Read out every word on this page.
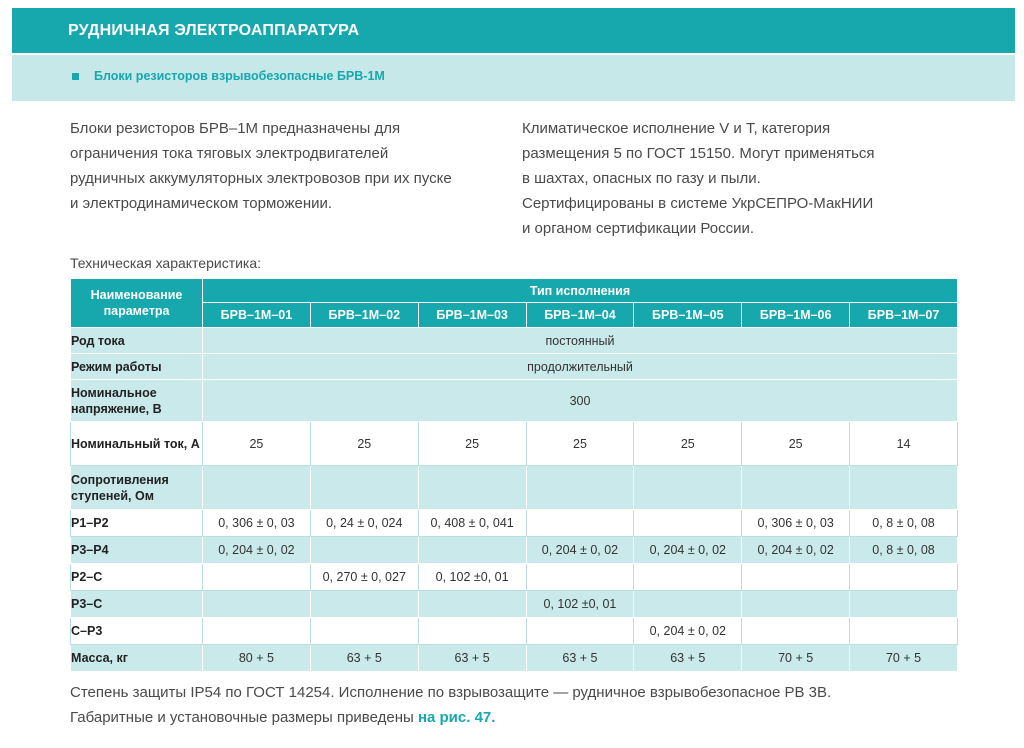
РУДНИЧНАЯ ЭЛЕКТРОАППАРАТУРА
Блоки резисторов взрывобезопасные БРВ-1М
Блоки резисторов БРВ–1М предназначены для
ограничения тока тяговых электродвигателей
рудничных аккумуляторных электровозов при их пуске
и электродинамическом торможении.
Климатическое исполнение V и Т, категория
размещения 5 по ГОСТ 15150. Могут применяться
в шахтах, опасных по газу и пыли.
Сертифицированы в системе УкрСЕПРО-МакНИИ
и органом сертификации России.
Техническая характеристика:
Наименование параметра	Тип исполнения						
	БРВ–1М–01	БРВ–1М–02	БРВ–1М–03	БРВ–1М–04	БРВ–1М–05	БРВ–1М–06	БРВ–1М–07
Род тока	постоянный						
Режим работы	продолжительный						
Номинальное напряжение, В	300						
Номинальный ток, А	25	25	25	25	25	25	14
Сопротивления ступеней, Ом							
Р1–Р2	0, 306 ± 0, 03	0, 24 ± 0, 024	0, 408 ± 0, 041			0, 306 ± 0, 03	0, 8 ± 0, 08
Р3–Р4	0, 204 ± 0, 02			0, 204 ± 0, 02	0, 204 ± 0, 02	0, 204 ± 0, 02	0, 8 ± 0, 08
Р2–С		0, 270 ± 0, 027	0, 102 ±0, 01				
Р3–С				0, 102 ±0, 01			
С–Р3					0, 204 ± 0, 02		
Масса, кг	80 + 5	63 + 5	63 + 5	63 + 5	63 + 5	70 + 5	70 + 5
Степень защиты IP54 по ГОСТ 14254. Исполнение по взрывозащите — рудничное взрывобезопасное РВ 3В.
Габаритные и установочные размеры приведены на рис. 47.
